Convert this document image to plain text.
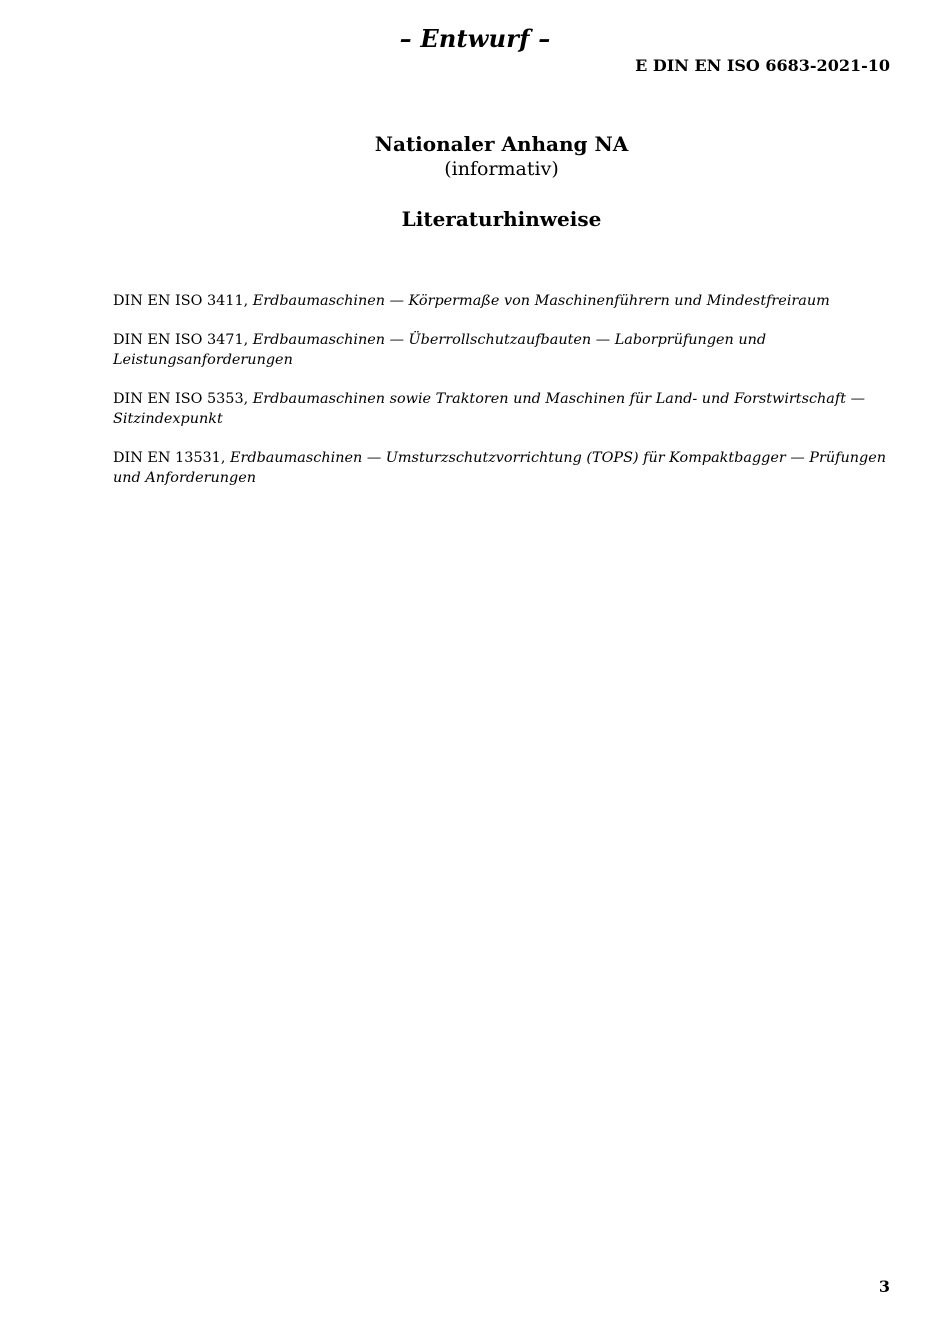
– Entwurf –
E DIN EN ISO 6683-2021-10
Nationaler Anhang NA
(informativ)
Literaturhinweise

DIN EN ISO 3411, Erdbaumaschinen — Körpermaße von Maschinenführern und Mindestfreiraum

DIN EN ISO 3471, Erdbaumaschinen — Überrollschutzaufbauten — Laborprüfungen und Leistungsanforderungen

DIN EN ISO 5353, Erdbaumaschinen sowie Traktoren und Maschinen für Land- und Forstwirtschaft — Sitzindexpunkt

DIN EN 13531, Erdbaumaschinen — Umsturzschutzvorrichtung (TOPS) für Kompaktbagger — Prüfungen und Anforderungen

3
